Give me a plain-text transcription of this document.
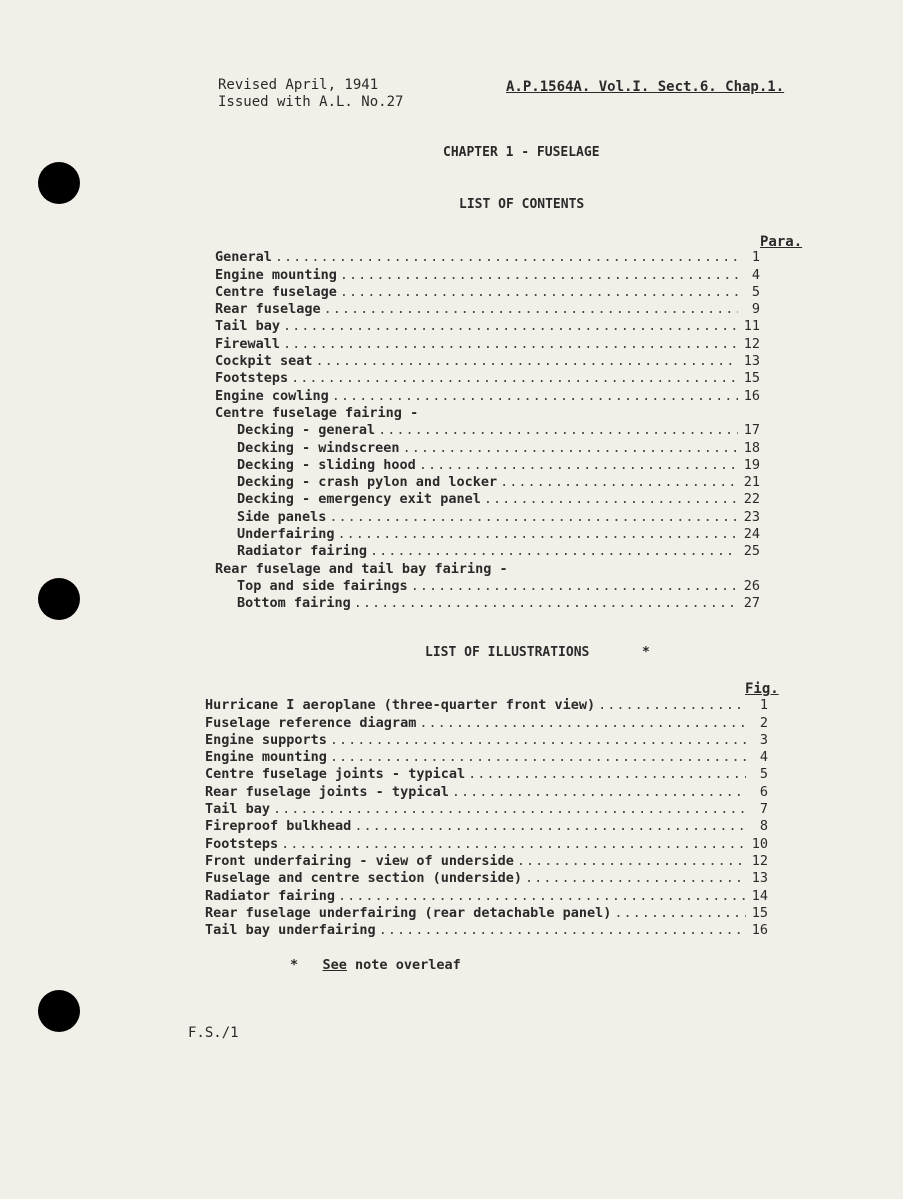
Revised April, 1941
Issued with A.L. No.27
A.P.1564A. Vol.I. Sect.6. Chap.1.
CHAPTER 1 - FUSELAGE
LIST OF CONTENTS
Para.
General .....	1
Engine mounting .....	4
Centre fuselage .....	5
Rear fuselage .....	9
Tail bay .....	11
Firewall .....	12
Cockpit seat .....	13
Footsteps .....	15
Engine cowling .....	16
Centre fuselage fairing -
Decking - general .....	17
Decking - windscreen .....	18
Decking - sliding hood .....	19
Decking - crash pylon and locker .....	21
Decking - emergency exit panel .....	22
Side panels .....	23
Underfairing .....	24
Radiator fairing .....	25
Rear fuselage and tail bay fairing -
Top and side fairings .....	26
Bottom fairing .....	27
LIST OF ILLUSTRATIONS	*
Fig.
Hurricane I aeroplane (three-quarter front view) .....	1
Fuselage reference diagram .....	2
Engine supports .....	3
Engine mounting .....	4
Centre fuselage joints - typical .....	5
Rear fuselage joints - typical .....	6
Tail bay .....	7
Fireproof bulkhead .....	8
Footsteps .....	10
Front underfairing - view of underside .....	12
Fuselage and centre section (underside) .....	13
Radiator fairing .....	14
Rear fuselage underfairing (rear detachable panel) .....	15
Tail bay underfairing .....	16
* See note overleaf
F.S./1
